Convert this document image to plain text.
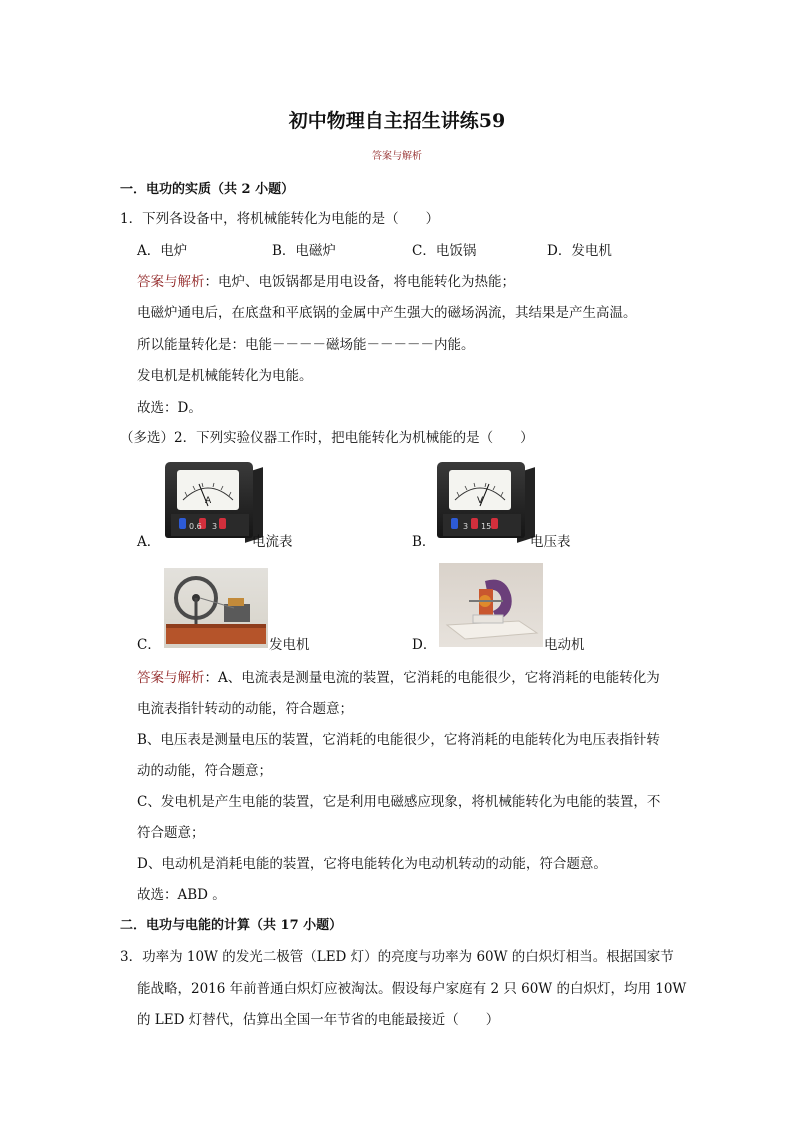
初中物理自主招生讲练59
答案与解析
一．电功的实质（共 2 小题）
1．下列各设备中，将机械能转化为电能的是（　　）
A．电炉	B．电磁炉	C．电饭锅	D．发电机
答案与解析：电炉、电饭锅都是用电设备，将电能转化为热能；
电磁炉通电后，在底盘和平底锅的金属中产生强大的磁场涡流，其结果是产生高温。
所以能量转化是：电能－－－－磁场能－－－－－内能。
发电机是机械能转化为电能。
故选：D。
（多选）2．下列实验仪器工作时，把电能转化为机械能的是（　　）
A
0.6 3
A．	电流表
V
3 15
B．	电压表
C．	发电机	D．	电动机
答案与解析：A、电流表是测量电流的装置，它消耗的电能很少，它将消耗的电能转化为
电流表指针转动的动能，符合题意；
B、电压表是测量电压的装置，它消耗的电能很少，它将消耗的电能转化为电压表指针转
动的动能，符合题意；
C、发电机是产生电能的装置，它是利用电磁感应现象，将机械能转化为电能的装置，不
符合题意；
D、电动机是消耗电能的装置，它将电能转化为电动机转动的动能，符合题意。
故选：ABD 。
二．电功与电能的计算（共 17 小题）
3．功率为 10W 的发光二极管（LED 灯）的亮度与功率为 60W 的白炽灯相当。根据国家节
能战略，2016 年前普通白炽灯应被淘汰。假设每户家庭有 2 只 60W 的白炽灯，均用 10W
的 LED 灯替代，估算出全国一年节省的电能最接近（　　）
